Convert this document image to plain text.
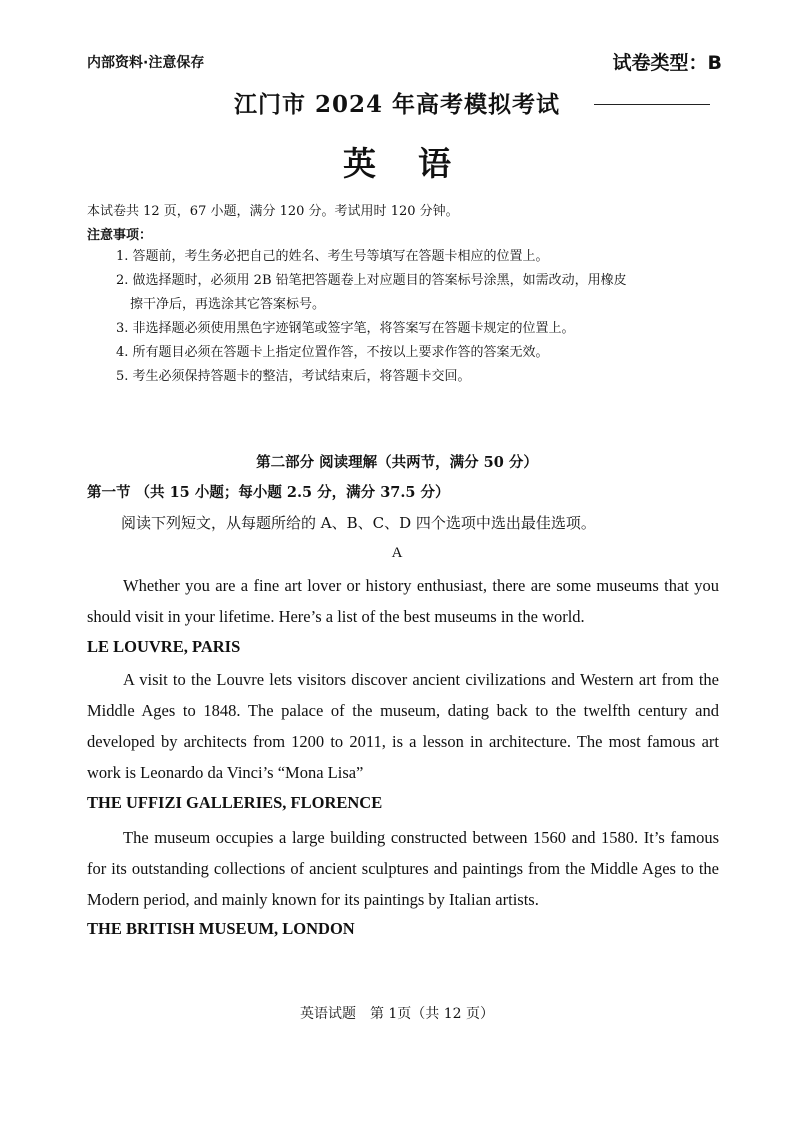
内部资料·注意保存	试卷类型：B
江门市 2024 年高考模拟考试
英语
本试卷共 12 页，67 小题，满分 120 分。考试用时 120 分钟。
注意事项：
1. 答题前，考生务必把自己的姓名、考生号等填写在答题卡相应的位置上。
2. 做选择题时，必须用 2B 铅笔把答题卷上对应题目的答案标号涂黑，如需改动，用橡皮
擦干净后，再选涂其它答案标号。
3. 非选择题必须使用黑色字迹钢笔或签字笔，将答案写在答题卡规定的位置上。
4. 所有题目必须在答题卡上指定位置作答，不按以上要求作答的答案无效。
5. 考生必须保持答题卡的整洁，考试结束后，将答题卡交回。
第二部分 阅读理解（共两节，满分 50 分）
第一节 （共 15 小题；每小题 2.5 分，满分 37.5 分）
阅读下列短文，从每题所给的 A、B、C、D 四个选项中选出最佳选项。
A

Whether you are a fine art lover or history enthusiast, there are some museums that you should visit in your lifetime. Here’s a list of the best museums in the world.

LE LOUVRE, PARIS

A visit to the Louvre lets visitors discover ancient civilizations and Western art from the Middle Ages to 1848. The palace of the museum, dating back to the twelfth century and developed by architects from 1200 to 2011, is a lesson in architecture. The most famous art work is Leonardo da Vinci’s “Mona Lisa”

THE UFFIZI GALLERIES, FLORENCE

The museum occupies a large building constructed between 1560 and 1580. It’s famous for its outstanding collections of ancient sculptures and paintings from the Middle Ages to the Modern period, and mainly known for its paintings by Italian artists.

THE BRITISH MUSEUM, LONDON

英语试题　第 1页（共 12 页）
